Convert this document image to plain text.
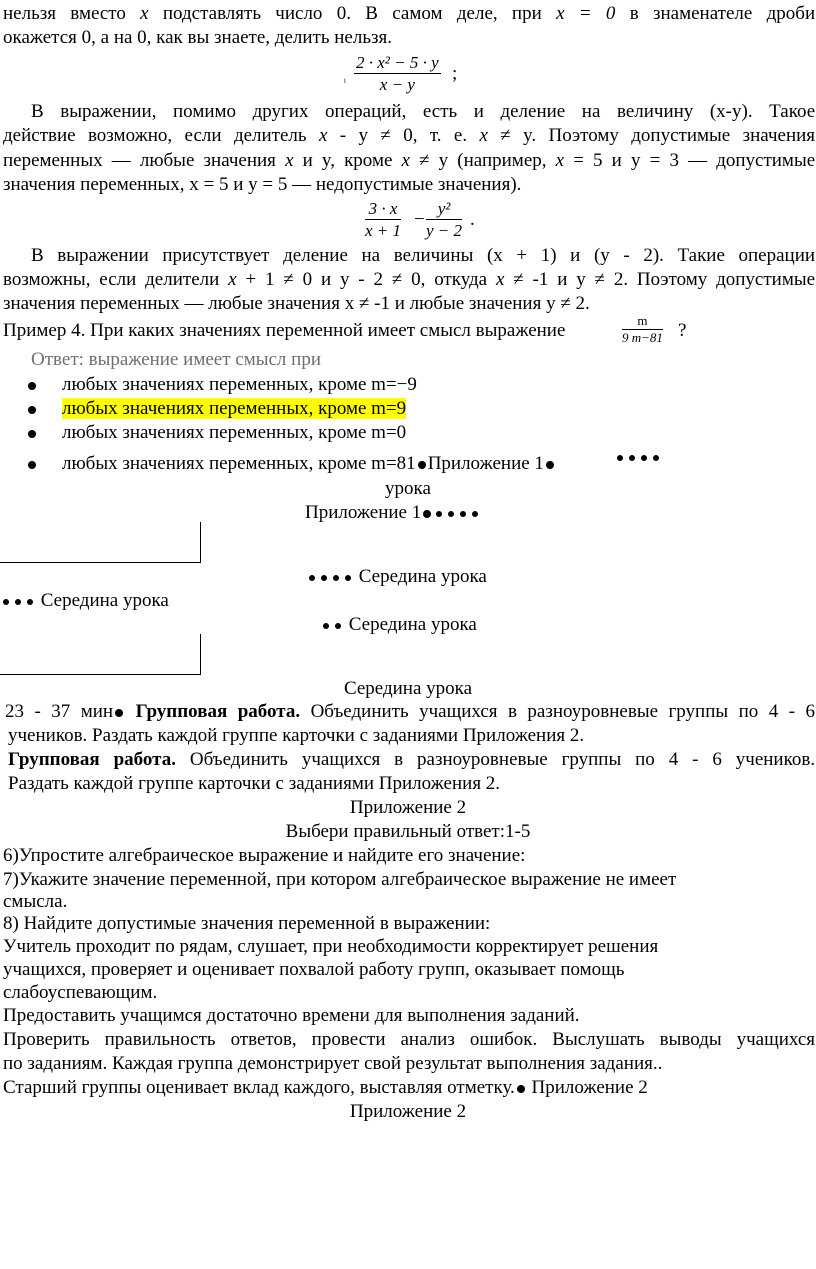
нельзя вместо x подставлять число 0. В самом деле, при x = 0 в знаменателе дроби
окажется 0, а на 0, как вы знаете, делить нельзя.
ₗ $\frac{\text{2 · x² − 5 · y}}{x - y}$ ;
В выражении, помимо других операций, есть и деление на величину (x-y). Такое
действие возможно, если делитель x - y ≠ 0, т. е. x ≠ y. Поэтому допустимые значения
переменных — любые значения x и y, кроме x ≠ y (например, x = 5 и y = 3 — допустимые
значения переменных, x = 5 и y = 5 — недопустимые значения).
$\frac{3 \cdot x}{x + 1} - \frac{\text{y²}}{y - 2}$ .
В выражении присутствует деление на величины (x + 1) и (y - 2). Такие операции
возможны, если делители x + 1 ≠ 0 и y - 2 ≠ 0, откуда x ≠ -1 и y ≠ 2. Поэтому допустимые
значения переменных — любые значения x ≠ -1 и любые значения y ≠ 2.
Пример 4. При каких значениях переменной имеет смысл выражение	$\frac{m}{9 m-81}$ ?
Ответ: выражение имеет смысл при
любых значениях переменных, кроме m=−9
любых значениях переменных, кроме m=9
любых значениях переменных, кроме m=0
любых значениях переменных, кроме m=81 Приложение 1
урока
Приложение 1
Середина урока
Середина урока
Середина урока
Середина урока
23 - 37 мин Групповая работа. Объединить учащихся в разноуровневые группы по 4 - 6
учеников. Раздать каждой группе карточки с заданиями Приложения 2.
Групповая работа. Объединить учащихся в разноуровневые группы по 4 - 6 учеников.
Раздать каждой группе карточки с заданиями Приложения 2.
Приложение 2
Выбери правильный ответ:1-5
6)Упростите алгебраическое выражение и найдите его значение:
7)Укажите значение переменной, при котором алгебраическое выражение не имеет
смысла.
8) Найдите допустимые значения переменной в выражении:
Учитель проходит по рядам, слушает, при необходимости корректирует решения
учащихся, проверяет и оценивает похвалой работу групп, оказывает помощь
слабоуспевающим.
Предоставить учащимся достаточно времени для выполнения заданий.
Проверить правильность ответов, провести анализ ошибок. Выслушать выводы учащихся
по заданиям. Каждая группа демонстрирует свой результат выполнения задания..
Старший группы оценивает вклад каждого, выставляя отметку. Приложение 2
Приложение 2
